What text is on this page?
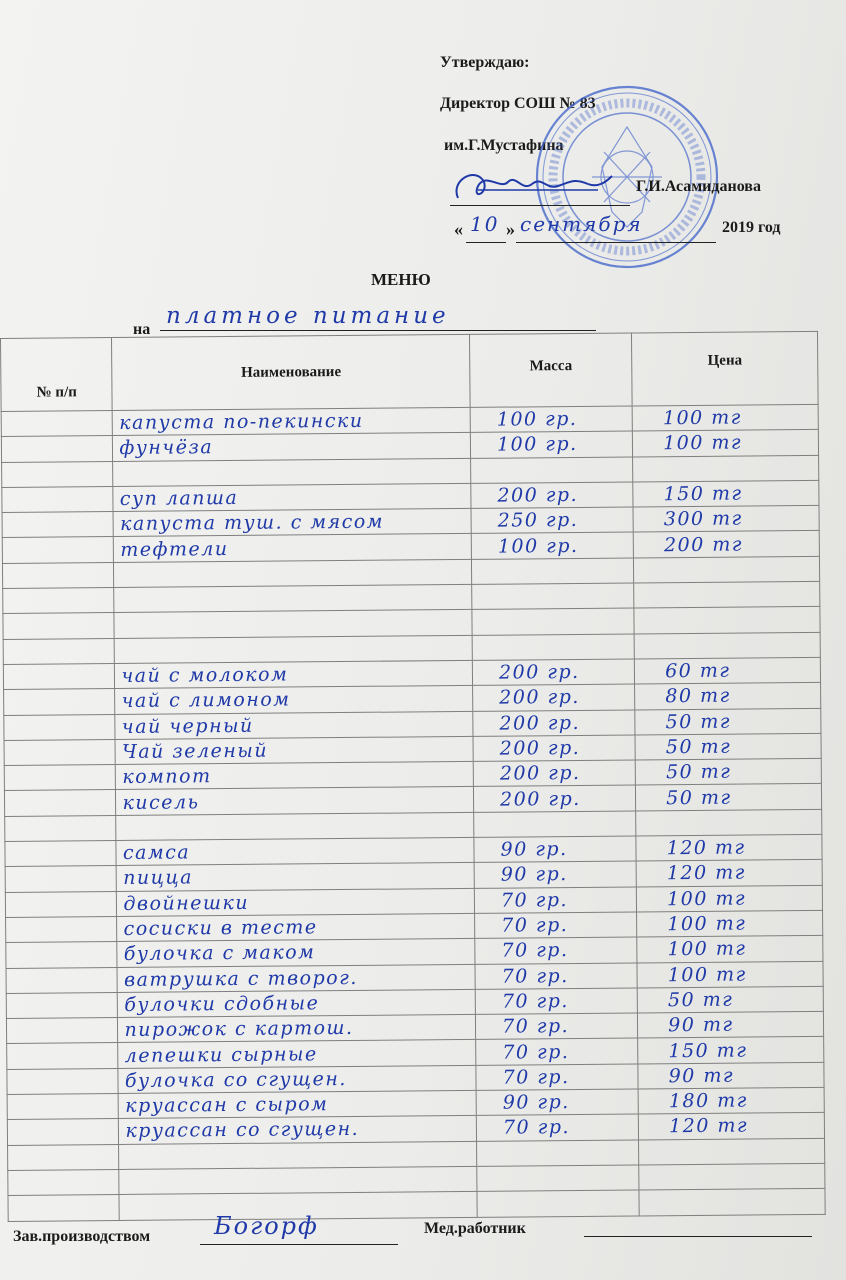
Утверждаю:
Директор СОШ № 83
им.Г.Мустафина
Г.И.Асамиданова
« 10 » сентября	2019 год
МЕНЮ
на
платное питание
№ п/п	Наименование	Масса	Цена
	капуста по-пекински	100 гр.	100 тг
	фунчёза	100 гр.	100 тг

	суп лапша	200 гр.	150 тг
	капуста туш. с мясом	250 гр.	300 тг
	тефтели	100 гр.	200 тг

	чай с молоком	200 гр.	60 тг
	чай с лимоном	200 гр.	80 тг
	чай черный	200 гр.	50 тг
	Чай зеленый	200 гр.	50 тг
	компот	200 гр.	50 тг
	кисель	200 гр.	50 тг

	самса	90 гр.	120 тг
	пицца	90 гр.	120 тг
	двойнешки	70 гр.	100 тг
	сосиски в тесте	70 гр.	100 тг
	булочка с маком	70 гр.	100 тг
	ватрушка с творог.	70 гр.	100 тг
	булочки сдобные	70 гр.	50 тг
	пирожок с картош.	70 гр.	90 тг
	лепешки сырные	70 гр.	150 тг
	булочка со сгущен.	70 гр.	90 тг
	круассан с сыром	90 гр.	180 тг
	круассан со сгущен.	70 гр.	120 тг

Зав.производством	Богорф	Мед.работник
